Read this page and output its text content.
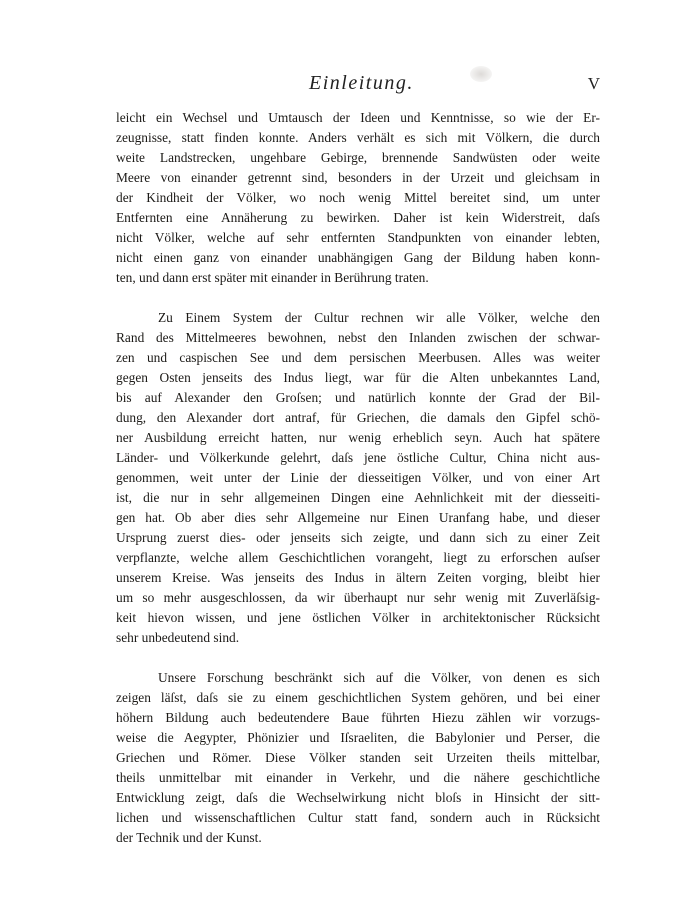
Einleitung.	V

leicht ein Wechsel und Umtausch der Ideen und Kenntnisse, so wie der Er-
zeugnisse, statt finden konnte. Anders verhält es sich mit Völkern, die durch
weite Landstrecken, ungehbare Gebirge, brennende Sandwüsten oder weite
Meere von einander getrennt sind, besonders in der Urzeit und gleichsam in
der Kindheit der Völker, wo noch wenig Mittel bereitet sind, um unter
Entfernten eine Annäherung zu bewirken. Daher ist kein Widerstreit, daſs
nicht Völker, welche auf sehr entfernten Standpunkten von einander lebten,
nicht einen ganz von einander unabhängigen Gang der Bildung haben konn-
ten, und dann erst später mit einander in Berührung traten.

Zu Einem System der Cultur rechnen wir alle Völker, welche den
Rand des Mittelmeeres bewohnen, nebst den Inlanden zwischen der schwar-
zen und caspischen See und dem persischen Meerbusen. Alles was weiter
gegen Osten jenseits des Indus liegt, war für die Alten unbekanntes Land,
bis auf Alexander den Groſsen; und natürlich konnte der Grad der Bil-
dung, den Alexander dort antraf, für Griechen, die damals den Gipfel schö-
ner Ausbildung erreicht hatten, nur wenig erheblich seyn. Auch hat spätere
Länder- und Völkerkunde gelehrt, daſs jene östliche Cultur, China nicht aus-
genommen, weit unter der Linie der diesseitigen Völker, und von einer Art
ist, die nur in sehr allgemeinen Dingen eine Aehnlichkeit mit der diesseiti-
gen hat. Ob aber dies sehr Allgemeine nur Einen Uranfang habe, und dieser
Ursprung zuerst dies- oder jenseits sich zeigte, und dann sich zu einer Zeit
verpflanzte, welche allem Geschichtlichen vorangeht, liegt zu erforschen auſser
unserem Kreise. Was jenseits des Indus in ältern Zeiten vorging, bleibt hier
um so mehr ausgeschlossen, da wir überhaupt nur sehr wenig mit Zuverläſsig-
keit hievon wissen, und jene östlichen Völker in architektonischer Rücksicht
sehr unbedeutend sind.

Unsere Forschung beschränkt sich auf die Völker, von denen es sich
zeigen läſst, daſs sie zu einem geschichtlichen System gehören, und bei einer
höhern Bildung auch bedeutendere Baue führten Hiezu zählen wir vorzugs-
weise die Aegypter, Phönizier und Iſsraeliten, die Babylonier und Perser, die
Griechen und Römer. Diese Völker standen seit Urzeiten theils mittelbar,
theils unmittelbar mit einander in Verkehr, und die nähere geschichtliche
Entwicklung zeigt, daſs die Wechselwirkung nicht bloſs in Hinsicht der sitt-
lichen und wissenschaftlichen Cultur statt fand, sondern auch in Rücksicht
der Technik und der Kunst.
